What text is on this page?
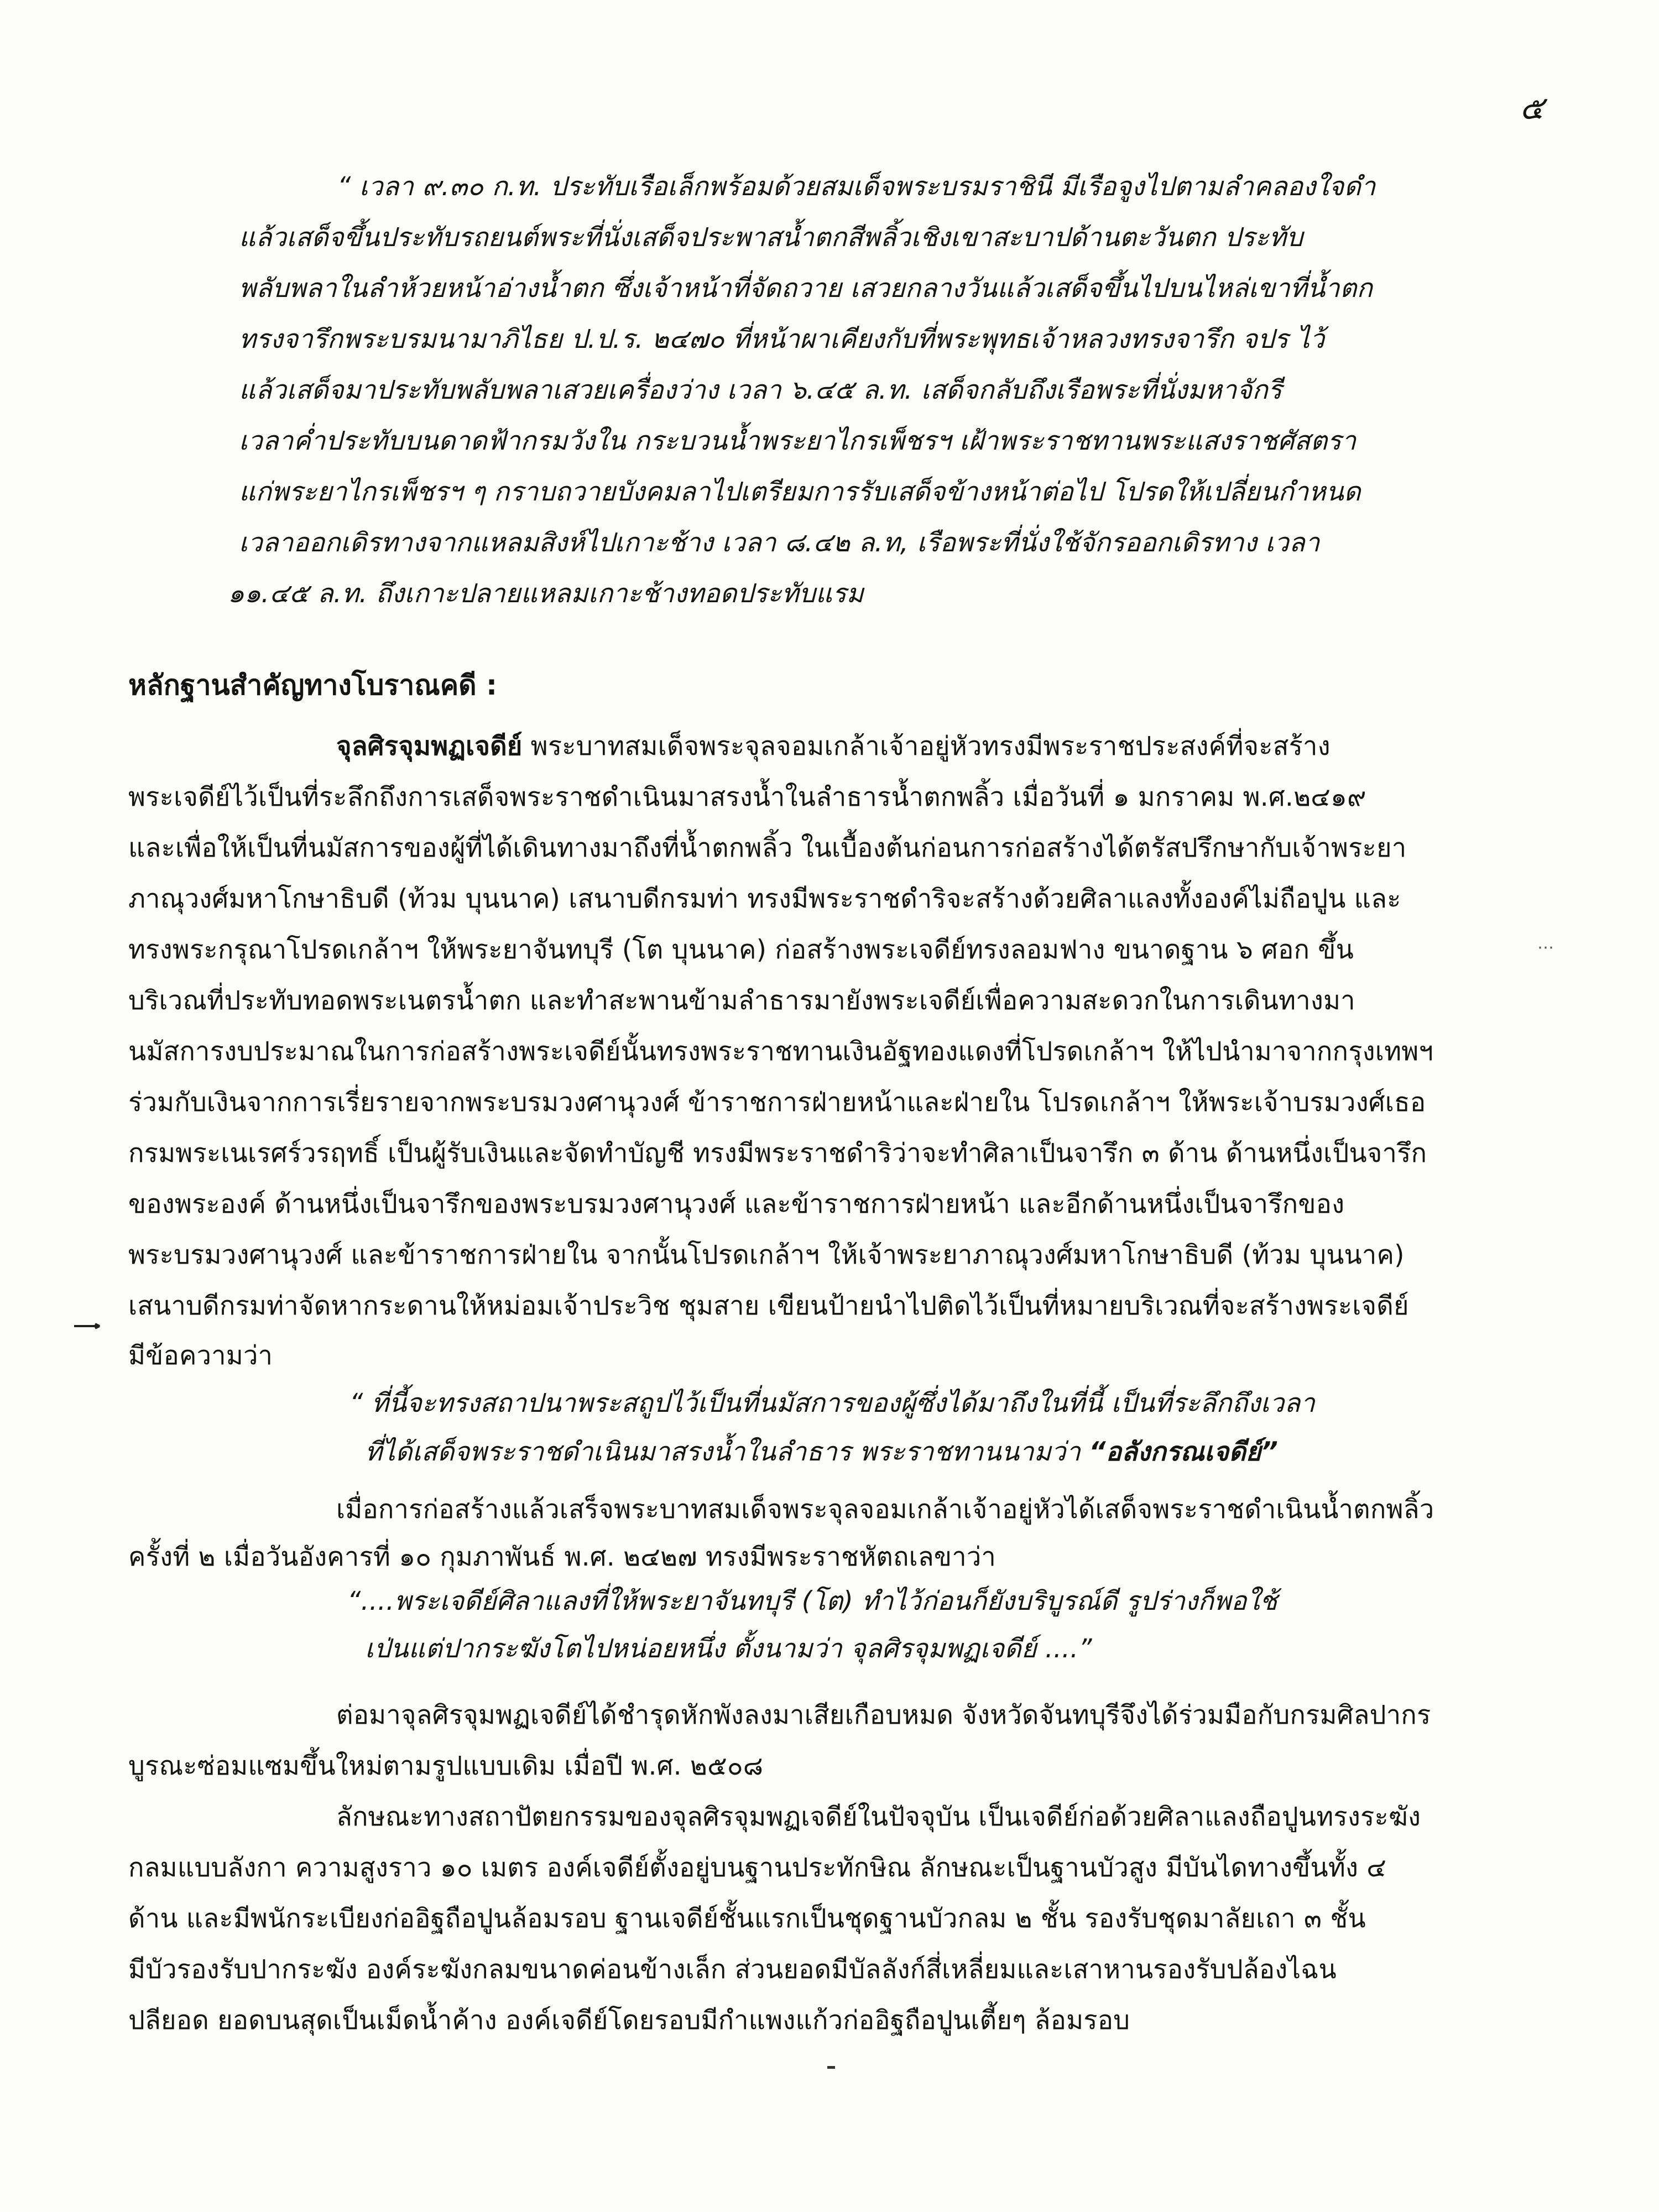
๕
“ เวลา ๙.๓๐ ก.ท. ประทับเรือเล็กพร้อมด้วยสมเด็จพระบรมราชินี มีเรือจูงไปตามลำคลองใจดำ
แล้วเสด็จขึ้นประทับรถยนต์พระที่นั่งเสด็จประพาสน้ำตกสีพลิ้วเชิงเขาสะบาปด้านตะวันตก ประทับ
พลับพลาในลำห้วยหน้าอ่างน้ำตก ซึ่งเจ้าหน้าที่จัดถวาย เสวยกลางวันแล้วเสด็จขึ้นไปบนไหล่เขาที่น้ำตก
ทรงจารึกพระบรมนามาภิไธย ป.ป.ร. ๒๔๗๐ ที่หน้าผาเคียงกับที่พระพุทธเจ้าหลวงทรงจารึก จปร ไว้
แล้วเสด็จมาประทับพลับพลาเสวยเครื่องว่าง เวลา ๖.๔๕ ล.ท. เสด็จกลับถึงเรือพระที่นั่งมหาจักรี
เวลาค่ำประทับบนดาดฟ้ากรมวังใน กระบวนน้ำพระยาไกรเพ็ชรฯ เฝ้าพระราชทานพระแสงราชศัสตรา
แก่พระยาไกรเพ็ชรฯ ๆ กราบถวายบังคมลาไปเตรียมการรับเสด็จข้างหน้าต่อไป โปรดให้เปลี่ยนกำหนด
เวลาออกเดิรทางจากแหลมสิงห์ไปเกาะช้าง เวลา ๘.๔๒ ล.ท, เรือพระที่นั่งใช้จักรออกเดิรทาง เวลา
๑๑.๔๕ ล.ท. ถึงเกาะปลายแหลมเกาะช้างทอดประทับแรม
หลักฐานสำคัญทางโบราณคดี :
จุลศิรจุมพฏเจดีย์ พระบาทสมเด็จพระจุลจอมเกล้าเจ้าอยู่หัวทรงมีพระราชประสงค์ที่จะสร้าง
พระเจดีย์ไว้เป็นที่ระลึกถึงการเสด็จพระราชดำเนินมาสรงน้ำในลำธารน้ำตกพลิ้ว เมื่อวันที่ ๑ มกราคม พ.ศ.๒๔๑๙
และเพื่อให้เป็นที่นมัสการของผู้ที่ได้เดินทางมาถึงที่น้ำตกพลิ้ว ในเบื้องต้นก่อนการก่อสร้างได้ตรัสปรึกษากับเจ้าพระยา
ภาณุวงศ์มหาโกษาธิบดี (ท้วม บุนนาค) เสนาบดีกรมท่า ทรงมีพระราชดำริจะสร้างด้วยศิลาแลงทั้งองค์ไม่ถือปูน และ
ทรงพระกรุณาโปรดเกล้าฯ ให้พระยาจันทบุรี (โต บุนนาค) ก่อสร้างพระเจดีย์ทรงลอมฟาง ขนาดฐาน ๖ ศอก ขึ้น
บริเวณที่ประทับทอดพระเนตรน้ำตก และทำสะพานข้ามลำธารมายังพระเจดีย์เพื่อความสะดวกในการเดินทางมา
นมัสการงบประมาณในการก่อสร้างพระเจดีย์นั้นทรงพระราชทานเงินอัฐทองแดงที่โปรดเกล้าฯ ให้ไปนำมาจากกรุงเทพฯ
ร่วมกับเงินจากการเรี่ยรายจากพระบรมวงศานุวงศ์ ข้าราชการฝ่ายหน้าและฝ่ายใน โปรดเกล้าฯ ให้พระเจ้าบรมวงศ์เธอ
กรมพระเนเรศร์วรฤทธิ์ เป็นผู้รับเงินและจัดทำบัญชี ทรงมีพระราชดำริว่าจะทำศิลาเป็นจารึก ๓ ด้าน ด้านหนึ่งเป็นจารึก
ของพระองค์ ด้านหนึ่งเป็นจารึกของพระบรมวงศานุวงศ์ และข้าราชการฝ่ายหน้า และอีกด้านหนึ่งเป็นจารึกของ
พระบรมวงศานุวงศ์ และข้าราชการฝ่ายใน จากนั้นโปรดเกล้าฯ ให้เจ้าพระยาภาณุวงศ์มหาโกษาธิบดี (ท้วม บุนนาค)
เสนาบดีกรมท่าจัดหากระดานให้หม่อมเจ้าประวิช ชุมสาย เขียนป้ายนำไปติดไว้เป็นที่หมายบริเวณที่จะสร้างพระเจดีย์
มีข้อความว่า
“ ที่นี้จะทรงสถาปนาพระสถูปไว้เป็นที่นมัสการของผู้ซึ่งได้มาถึงในที่นี้ เป็นที่ระลึกถึงเวลา
ที่ได้เสด็จพระราชดำเนินมาสรงน้ำในลำธาร พระราชทานนามว่า “อลังกรณเจดีย์”
เมื่อการก่อสร้างแล้วเสร็จพระบาทสมเด็จพระจุลจอมเกล้าเจ้าอยู่หัวได้เสด็จพระราชดำเนินน้ำตกพลิ้ว
ครั้งที่ ๒ เมื่อวันอังคารที่ ๑๐ กุมภาพันธ์ พ.ศ. ๒๔๒๗ ทรงมีพระราชหัตถเลขาว่า
“....พระเจดีย์ศิลาแลงที่ให้พระยาจันทบุรี (โต) ทำไว้ก่อนก็ยังบริบูรณ์ดี รูปร่างก็พอใช้
เป่นแต่ปากระฆังโตไปหน่อยหนึ่ง ตั้งนามว่า จุลศิรจุมพฏเจดีย์ ....”
ต่อมาจุลศิรจุมพฏเจดีย์ได้ชำรุดหักพังลงมาเสียเกือบหมด จังหวัดจันทบุรีจึงได้ร่วมมือกับกรมศิลปากร
บูรณะซ่อมแซมขึ้นใหม่ตามรูปแบบเดิม เมื่อปี พ.ศ. ๒๕๐๘
ลักษณะทางสถาปัตยกรรมของจุลศิรจุมพฏเจดีย์ในปัจจุบัน เป็นเจดีย์ก่อด้วยศิลาแลงถือปูนทรงระฆัง
กลมแบบลังกา ความสูงราว ๑๐ เมตร องค์เจดีย์ตั้งอยู่บนฐานประทักษิณ ลักษณะเป็นฐานบัวสูง มีบันไดทางขึ้นทั้ง ๔
ด้าน และมีพนักระเบียงก่ออิฐถือปูนล้อมรอบ ฐานเจดีย์ชั้นแรกเป็นชุดฐานบัวกลม ๒ ชั้น รองรับชุดมาลัยเถา ๓ ชั้น
มีบัวรองรับปากระฆัง องค์ระฆังกลมขนาดค่อนข้างเล็ก ส่วนยอดมีบัลลังก์สี่เหลี่ยมและเสาหานรองรับปล้องไฉน
ปลียอด ยอดบนสุดเป็นเม็ดน้ำค้าง องค์เจดีย์โดยรอบมีกำแพงแก้วก่ออิฐถือปูนเตี้ยๆ ล้อมรอบ
⋯
